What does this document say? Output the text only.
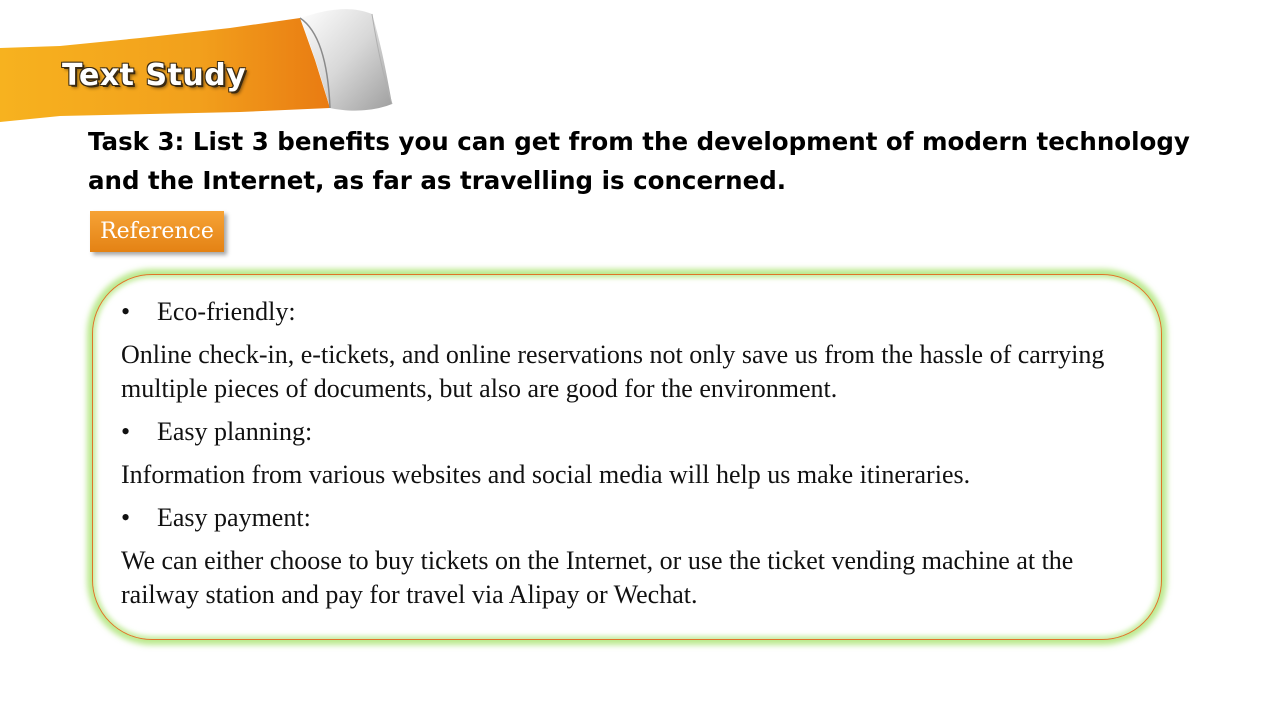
Text Study

Task 3: List 3 benefits you can get from the development of modern technology and the Internet, as far as travelling is concerned.

Reference
• Eco-friendly:
Online check-in, e-tickets, and online reservations not only save us from the hassle of carrying multiple pieces of documents, but also are good for the environment.
• Easy planning:
Information from various websites and social media will help us make itineraries.
• Easy payment:
We can either choose to buy tickets on the Internet, or use the ticket vending machine at the railway station and pay for travel via Alipay or Wechat.
